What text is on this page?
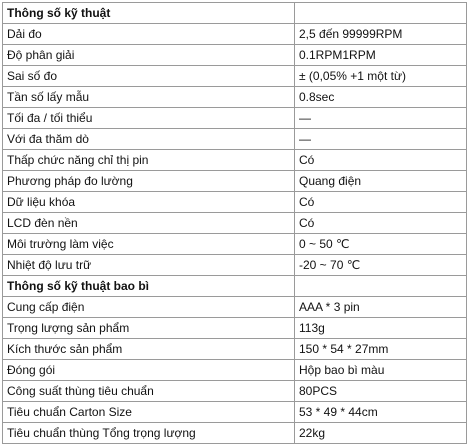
Thông số kỹ thuật	
Dải đo	2,5 đến 99999RPM
Độ phân giải	0.1RPM1RPM
Sai số đo	± (0,05% +1 một từ)
Tần số lấy mẫu	0.8sec
Tối đa / tối thiểu	—
Với đa thăm dò	—
Thấp chức năng chỉ thị pin	Có
Phương pháp đo lường	Quang điện
Dữ liệu khóa	Có
LCD đèn nền	Có
Môi trường làm việc	0 ~ 50 ℃
Nhiệt độ lưu trữ	-20 ~ 70 ℃
Thông số kỹ thuật bao bì	
Cung cấp điện	AAA * 3 pin
Trọng lượng sản phẩm	113g
Kích thước sản phẩm	150 * 54 * 27mm
Đóng gói	Hộp bao bì màu
Công suất thùng tiêu chuẩn	80PCS
Tiêu chuẩn Carton Size	53 * 49 * 44cm
Tiêu chuẩn thùng Tổng trọng lượng	22kg
